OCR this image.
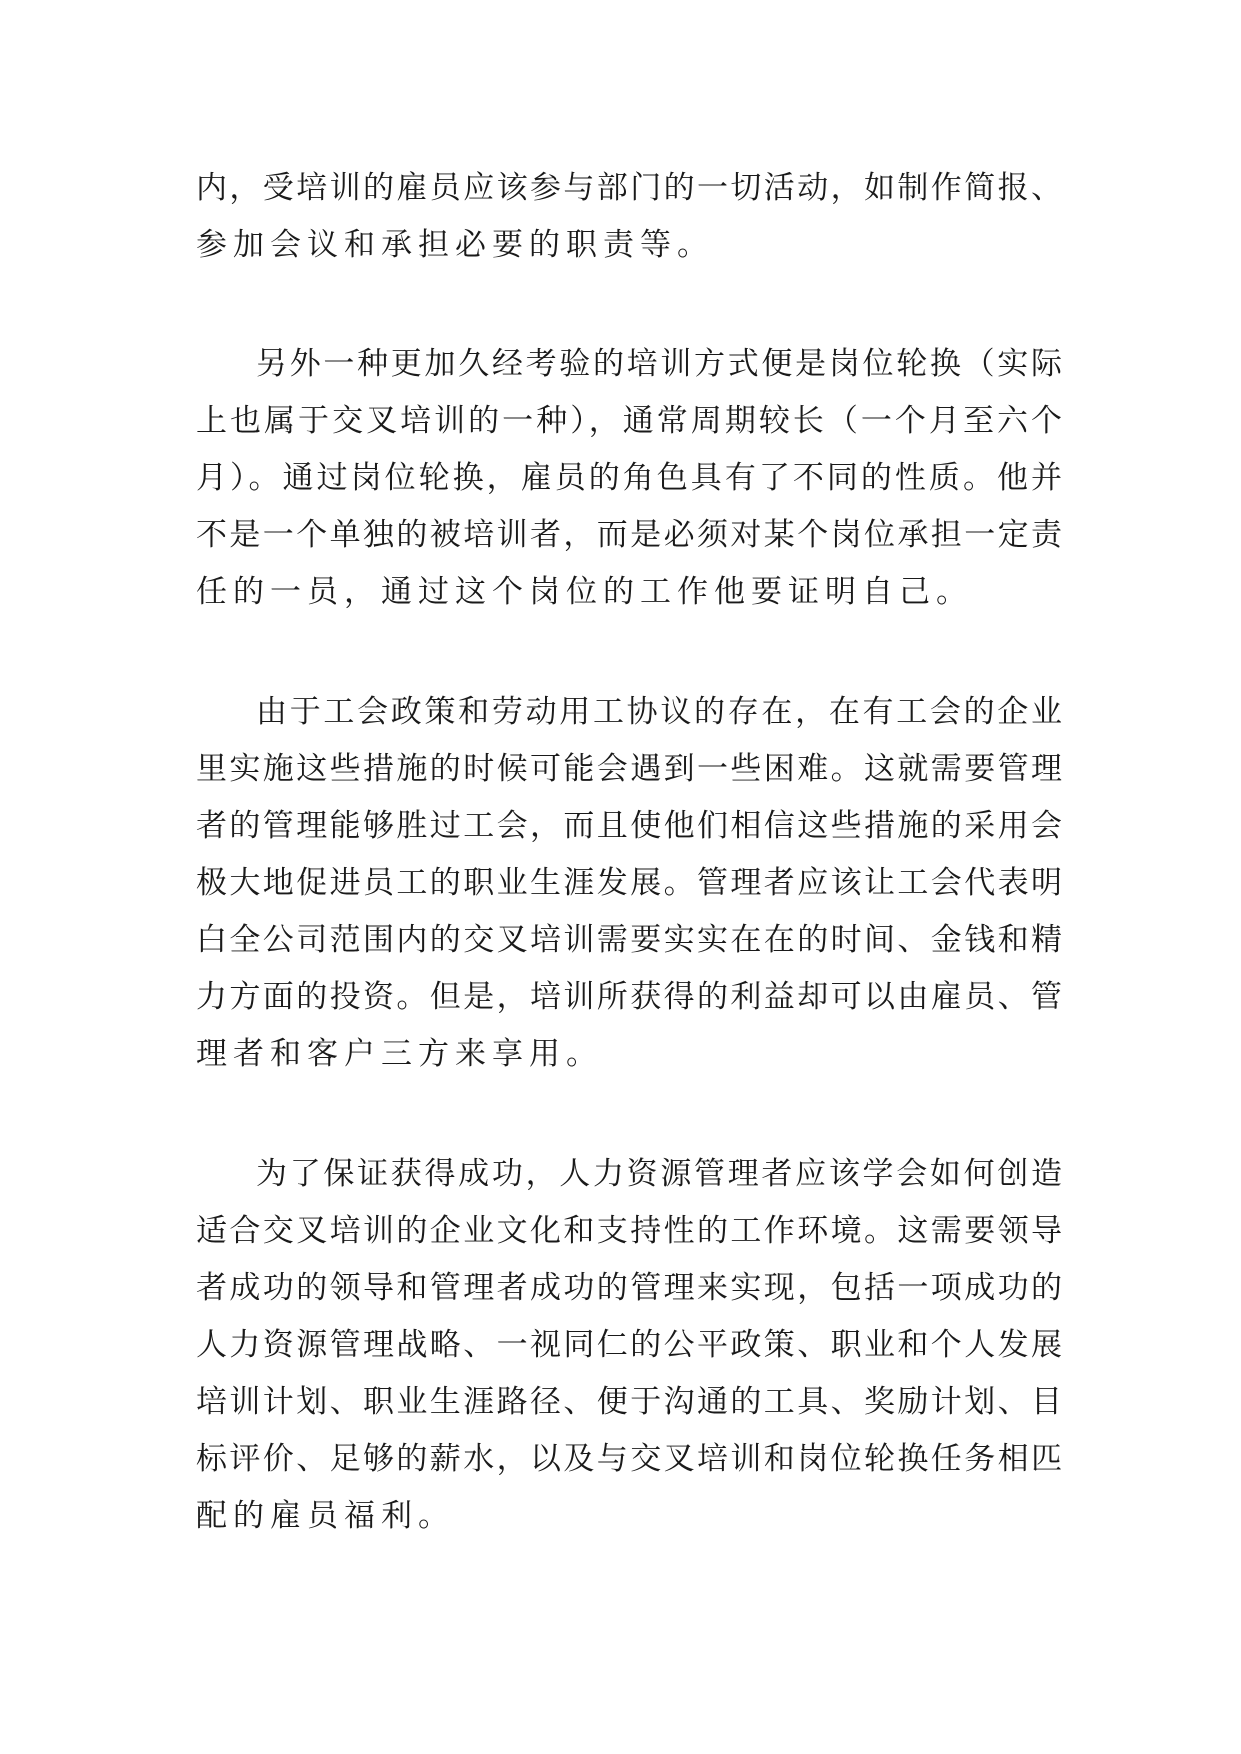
内，受培训的雇员应该参与部门的一切活动，如制作简报、
参加会议和承担必要的职责等。
另外一种更加久经考验的培训方式便是岗位轮换（实际
上也属于交叉培训的一种），通常周期较长（一个月至六个
月）。通过岗位轮换，雇员的角色具有了不同的性质。他并
不是一个单独的被培训者，而是必须对某个岗位承担一定责
任的一员，通过这个岗位的工作他要证明自己。
由于工会政策和劳动用工协议的存在，在有工会的企业
里实施这些措施的时候可能会遇到一些困难。这就需要管理
者的管理能够胜过工会，而且使他们相信这些措施的采用会
极大地促进员工的职业生涯发展。管理者应该让工会代表明
白全公司范围内的交叉培训需要实实在在的时间、金钱和精
力方面的投资。但是，培训所获得的利益却可以由雇员、管
理者和客户三方来享用。
为了保证获得成功，人力资源管理者应该学会如何创造
适合交叉培训的企业文化和支持性的工作环境。这需要领导
者成功的领导和管理者成功的管理来实现，包括一项成功的
人力资源管理战略、一视同仁的公平政策、职业和个人发展
培训计划、职业生涯路径、便于沟通的工具、奖励计划、目
标评价、足够的薪水，以及与交叉培训和岗位轮换任务相匹
配的雇员福利。
